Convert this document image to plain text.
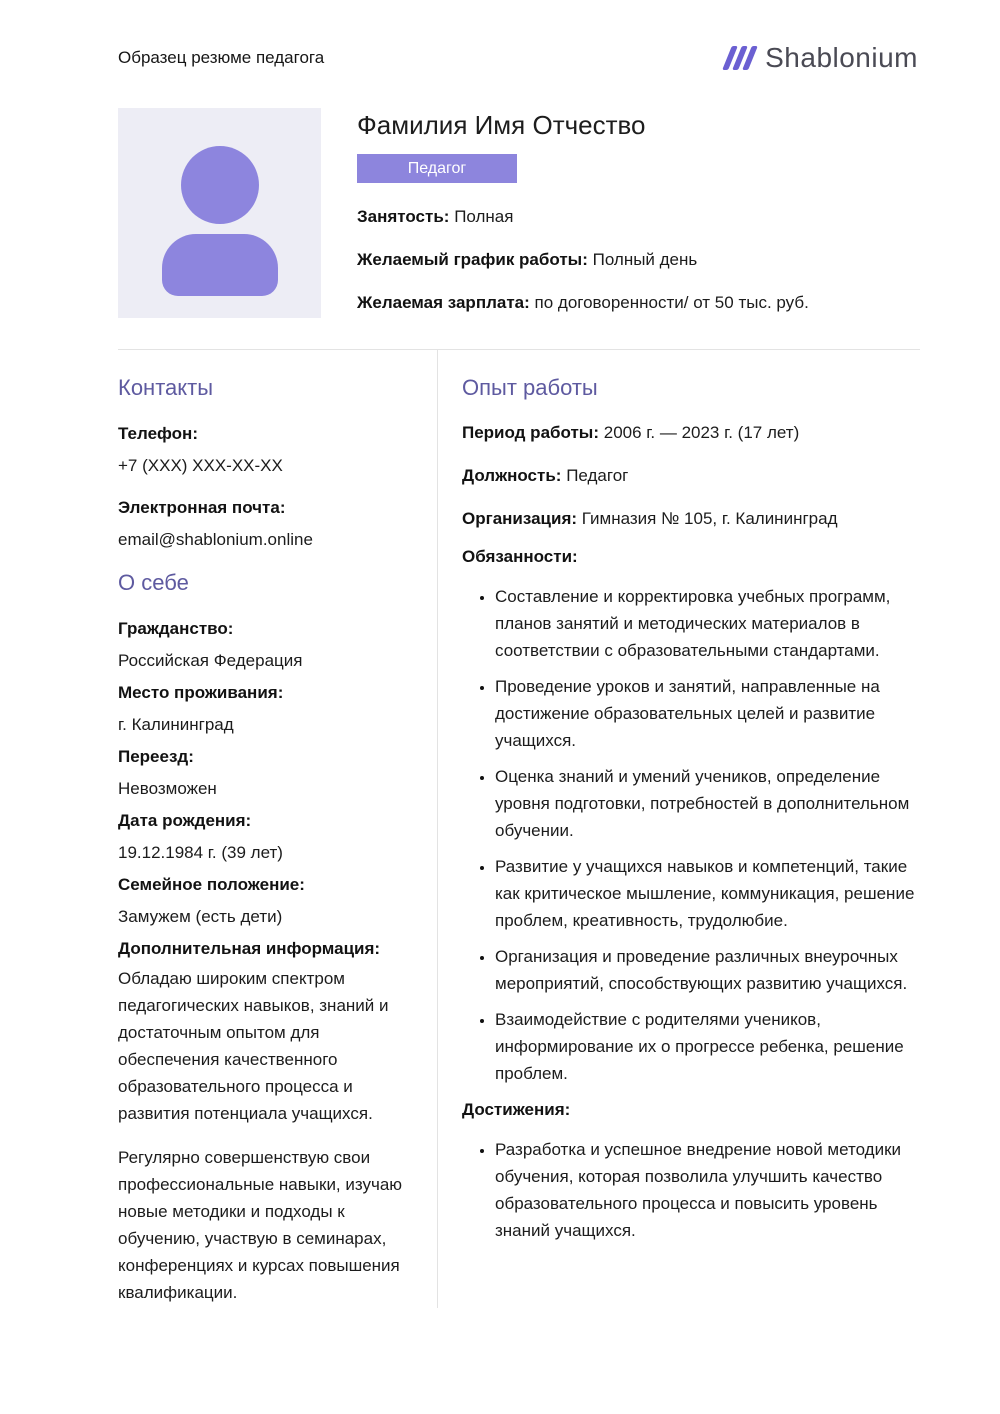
Образец резюме педагога	Shablonium
Фамилия Имя Отчество
Педагог
Занятость: Полная
Желаемый график работы: Полный день
Желаемая зарплата: по договоренности/ от 50 тыс. руб.
Контакты
Телефон:
+7 (XXX) XXX-XX-XX
Электронная почта:
email@shablonium.online
О себе
Гражданство:
Российская Федерация
Место проживания:
г. Калининград
Переезд:
Невозможен
Дата рождения:
19.12.1984 г. (39 лет)
Семейное положение:
Замужем (есть дети)
Дополнительная информация:

Обладаю широким спектром педагогических навыков, знаний и достаточным опытом для обеспечения качественного образовательного процесса и развития потенциала учащихся.

Регулярно совершенствую свои профессиональные навыки, изучаю новые методики и подходы к обучению, участвую в семинарах, конференциях и курсах повышения квалификации.

Опыт работы
Период работы: 2006 г. — 2023 г. (17 лет)
Должность: Педагог
Организация: Гимназия № 105, г. Калининград
Обязанности:
• Составление и корректировка учебных программ, планов занятий и методических материалов в соответствии с образовательными стандартами.
• Проведение уроков и занятий, направленные на достижение образовательных целей и развитие учащихся.
• Оценка знаний и умений учеников, определение уровня подготовки, потребностей в дополнительном обучении.
• Развитие у учащихся навыков и компетенций, такие как критическое мышление, коммуникация, решение проблем, креативность, трудолюбие.
• Организация и проведение различных внеурочных мероприятий, способствующих развитию учащихся.
• Взаимодействие с родителями учеников, информирование их о прогрессе ребенка, решение проблем.
Достижения:
• Разработка и успешное внедрение новой методики обучения, которая позволила улучшить качество образовательного процесса и повысить уровень знаний учащихся.
